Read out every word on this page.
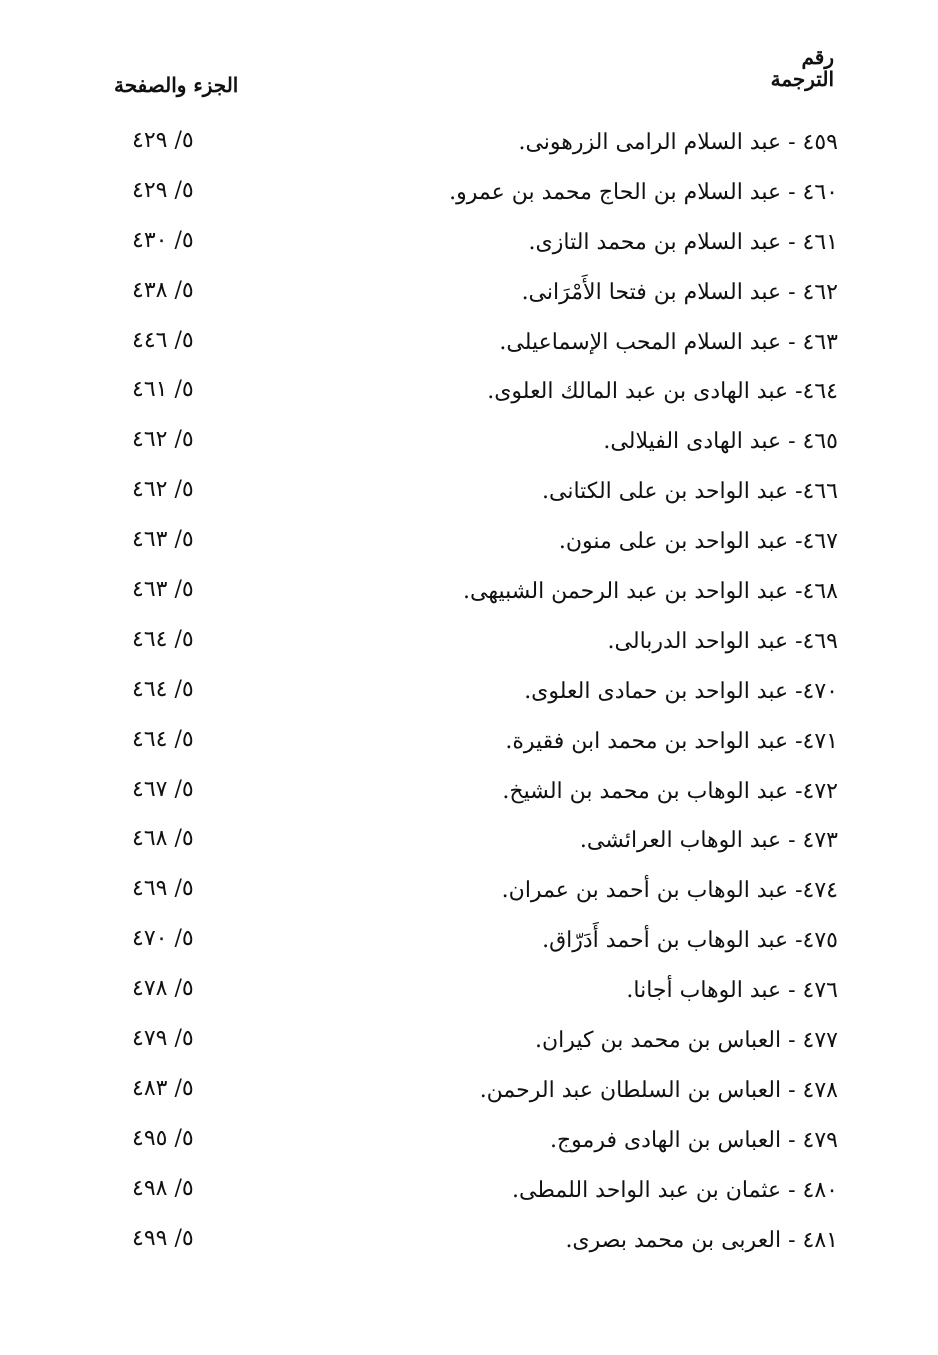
رقم
الترجمة
الجزء والصفحة
٤٥٩ - عبد السلام الرامى الزرهونى.
٥/ ٤٢٩
٤٦٠ - عبد السلام بن الحاج محمد بن عمرو.
٥/ ٤٢٩
٤٦١ - عبد السلام بن محمد التازى.
٥/ ٤٣٠
٤٦٢ - عبد السلام بن فتحا الأَمْرَانى.
٥/ ٤٣٨
٤٦٣ - عبد السلام المحب الإسماعيلى.
٥/ ٤٤٦
٤٦٤- عبد الهادى بن عبد المالك العلوى.
٥/ ٤٦١
٤٦٥ - عبد الهادى الفيلالى.
٥/ ٤٦٢
٤٦٦- عبد الواحد بن على الكتانى.
٥/ ٤٦٢
٤٦٧- عبد الواحد بن على منون.
٥/ ٤٦٣
٤٦٨- عبد الواحد بن عبد الرحمن الشبيهى.
٥/ ٤٦٣
٤٦٩- عبد الواحد الدربالى.
٥/ ٤٦٤
٤٧٠- عبد الواحد بن حمادى العلوى.
٥/ ٤٦٤
٤٧١- عبد الواحد بن محمد ابن فقيرة.
٥/ ٤٦٤
٤٧٢- عبد الوهاب بن محمد بن الشيخ.
٥/ ٤٦٧
٤٧٣ - عبد الوهاب العرائشى.
٥/ ٤٦٨
٤٧٤- عبد الوهاب بن أحمد بن عمران.
٥/ ٤٦٩
٤٧٥- عبد الوهاب بن أحمد أَدَرّاق.
٥/ ٤٧٠
٤٧٦ - عبد الوهاب أجانا.
٥/ ٤٧٨
٤٧٧ - العباس بن محمد بن كيران.
٥/ ٤٧٩
٤٧٨ - العباس بن السلطان عبد الرحمن.
٥/ ٤٨٣
٤٧٩ - العباس بن الهادى فرموج.
٥/ ٤٩٥
٤٨٠ - عثمان بن عبد الواحد اللمطى.
٥/ ٤٩٨
٤٨١ - العربى بن محمد بصرى.
٥/ ٤٩٩
